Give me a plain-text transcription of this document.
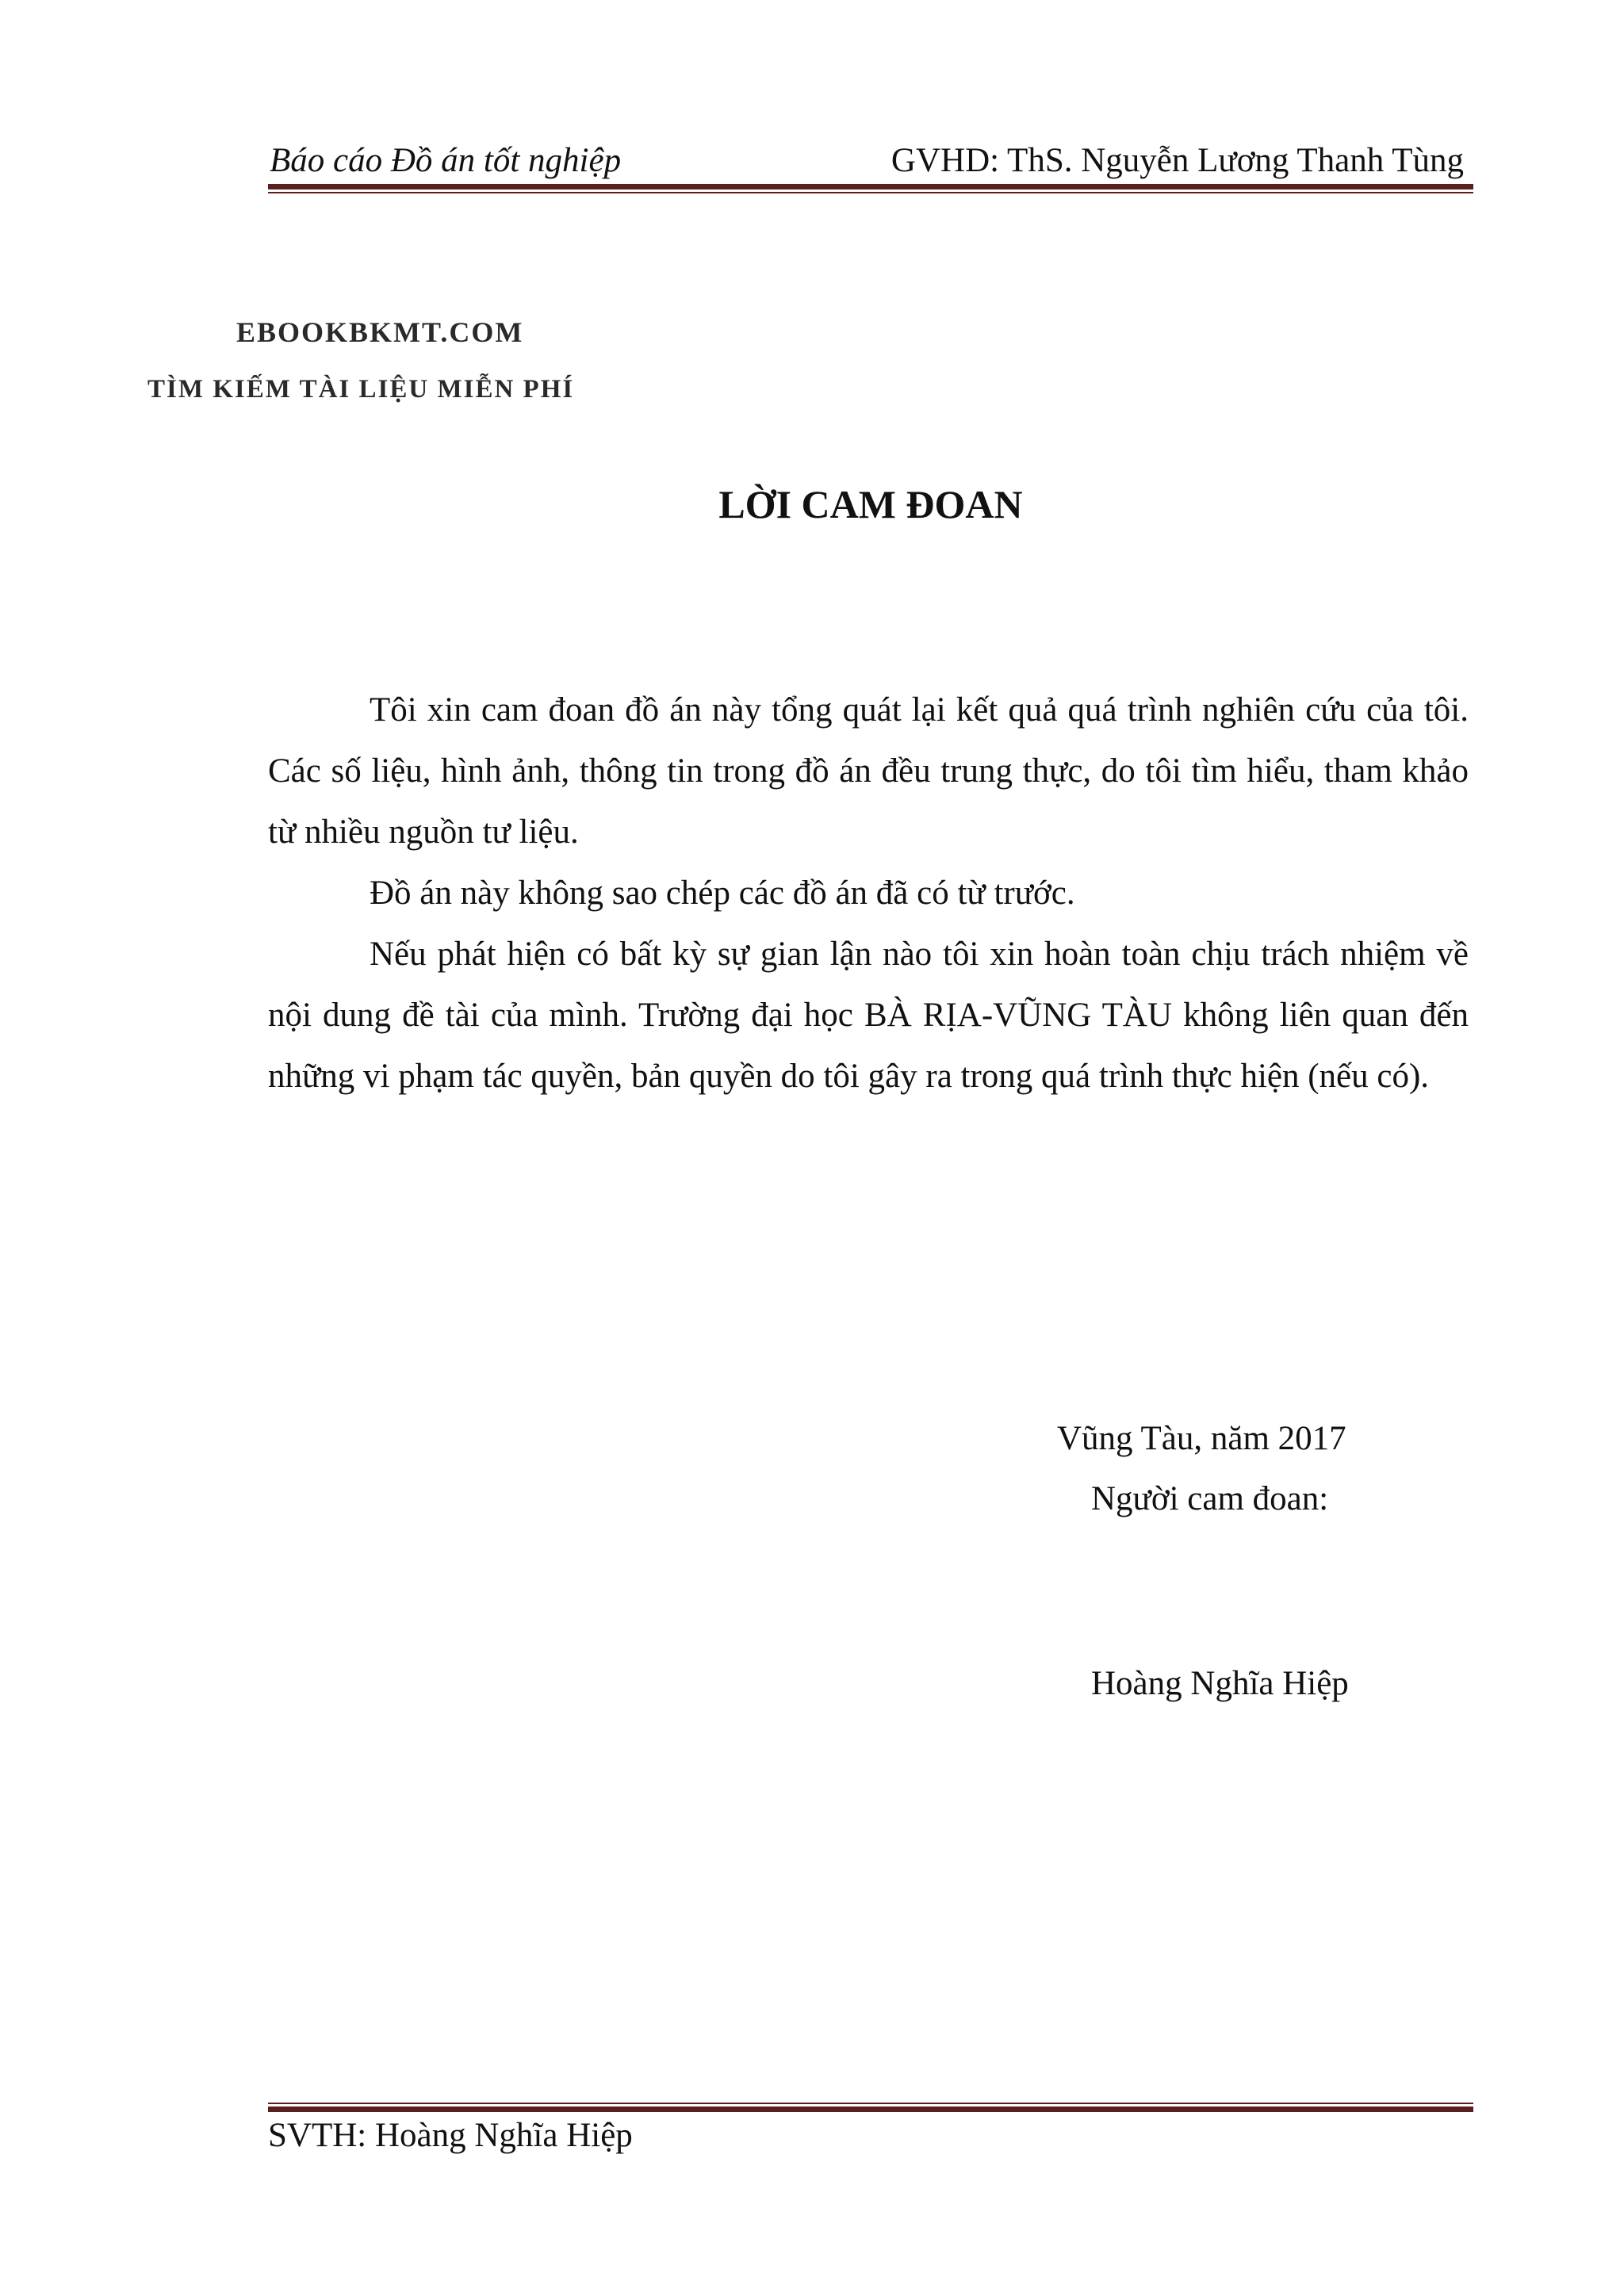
Báo cáo Đồ án tốt nghiệp	GVHD: ThS. Nguyễn Lương Thanh Tùng
EBOOKBKMT.COM
TÌM KIẾM TÀI LIỆU MIỄN PHÍ
LỜI CAM ĐOAN

Tôi xin cam đoan đồ án này tổng quát lại kết quả quá trình nghiên cứu của tôi. Các số liệu, hình ảnh, thông tin trong đồ án đều trung thực, do tôi tìm hiểu, tham khảo từ nhiều nguồn tư liệu.

Đồ án này không sao chép các đồ án đã có từ trước.

Nếu phát hiện có bất kỳ sự gian lận nào tôi xin hoàn toàn chịu trách nhiệm về nội dung đề tài của mình. Trường đại học BÀ RỊA-VŨNG TÀU không liên quan đến những vi phạm tác quyền, bản quyền do tôi gây ra trong quá trình thực hiện (nếu có).

Vũng Tàu, năm 2017
Người cam đoan:
Hoàng Nghĩa Hiệp
SVTH: Hoàng Nghĩa Hiệp
